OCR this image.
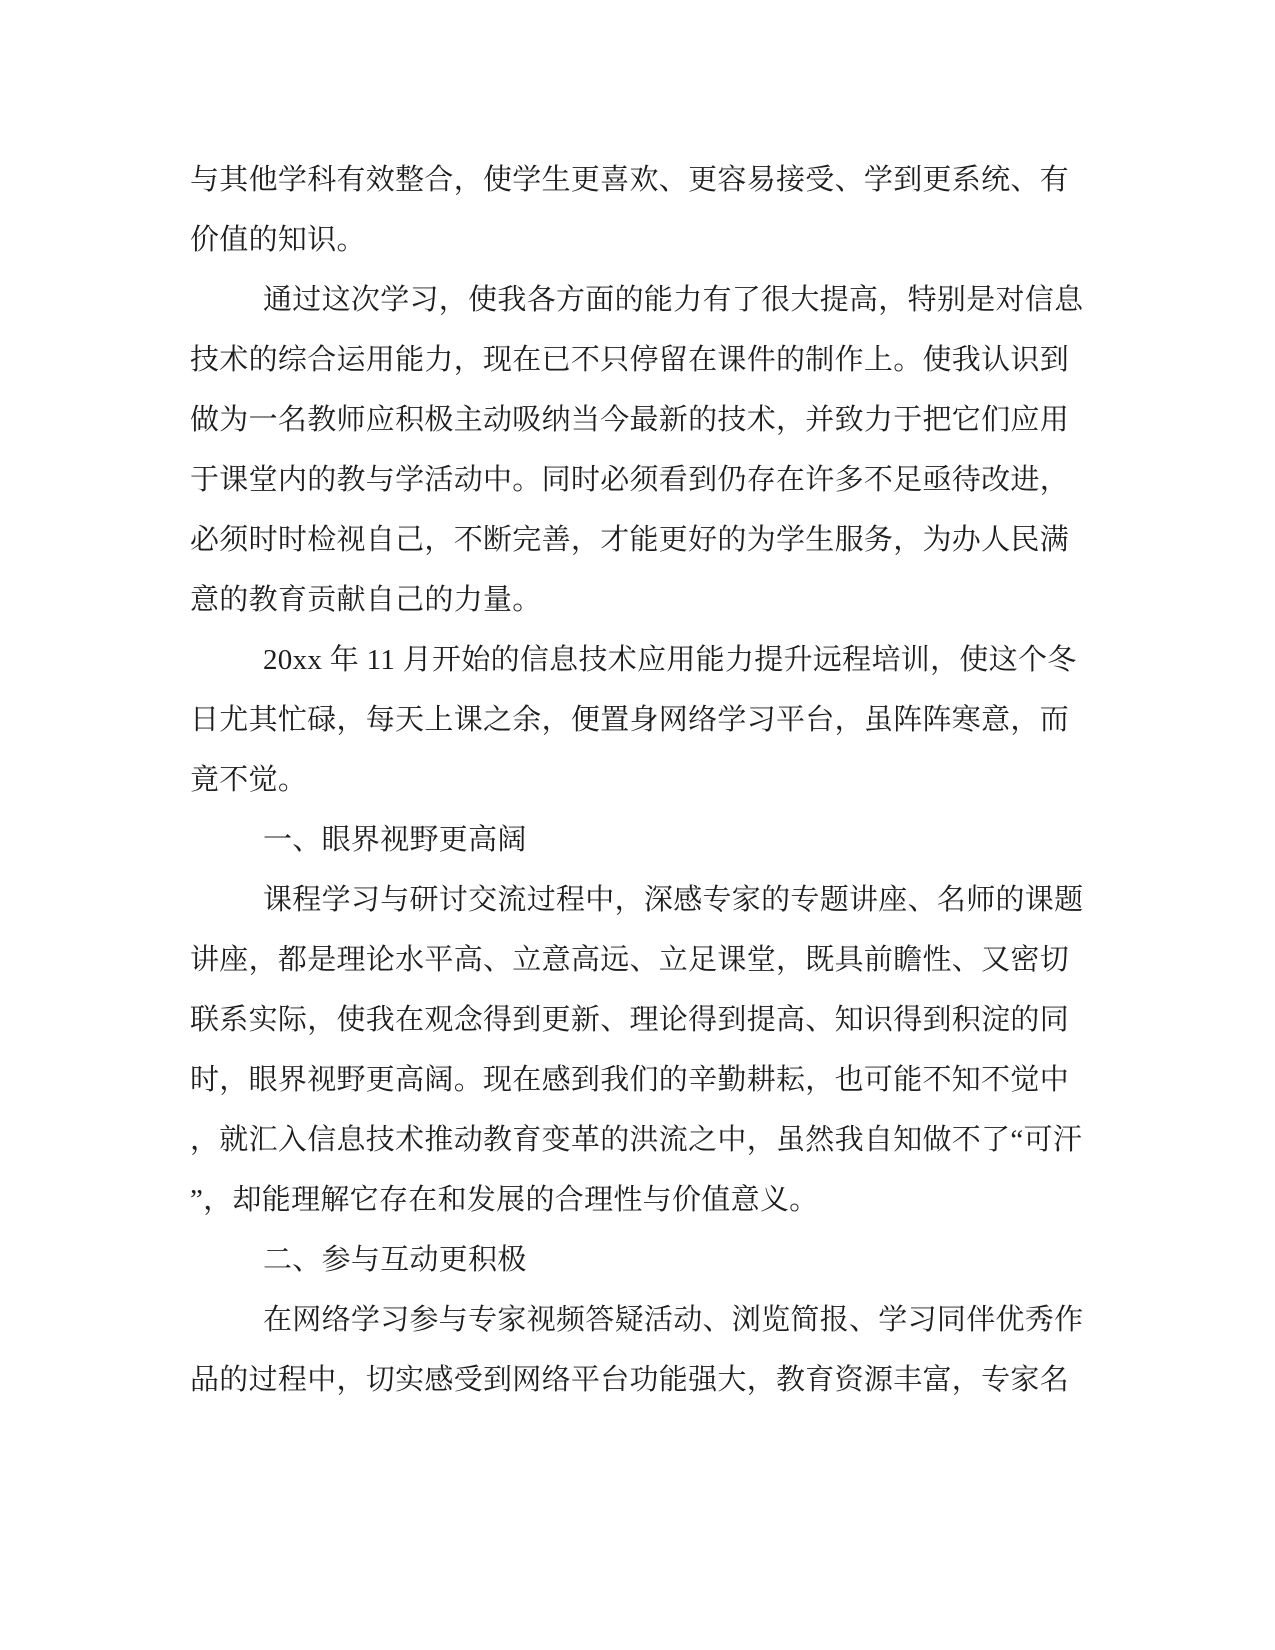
与其他学科有效整合，使学生更喜欢、更容易接受、学到更系统、有
价值的知识。
通过这次学习，使我各方面的能力有了很大提高，特别是对信息
技术的综合运用能力，现在已不只停留在课件的制作上。使我认识到
做为一名教师应积极主动吸纳当今最新的技术，并致力于把它们应用
于课堂内的教与学活动中。同时必须看到仍存在许多不足亟待改进，
必须时时检视自己，不断完善，才能更好的为学生服务，为办人民满
意的教育贡献自己的力量。
20xx 年 11 月开始的信息技术应用能力提升远程培训，使这个冬
日尤其忙碌，每天上课之余，便置身网络学习平台，虽阵阵寒意，而
竟不觉。
一、眼界视野更高阔
课程学习与研讨交流过程中，深感专家的专题讲座、名师的课题
讲座，都是理论水平高、立意高远、立足课堂，既具前瞻性、又密切
联系实际，使我在观念得到更新、理论得到提高、知识得到积淀的同
时，眼界视野更高阔。现在感到我们的辛勤耕耘，也可能不知不觉中
，就汇入信息技术推动教育变革的洪流之中，虽然我自知做不了“可汗
”，却能理解它存在和发展的合理性与价值意义。
二、参与互动更积极
在网络学习参与专家视频答疑活动、浏览简报、学习同伴优秀作
品的过程中，切实感受到网络平台功能强大，教育资源丰富，专家名
